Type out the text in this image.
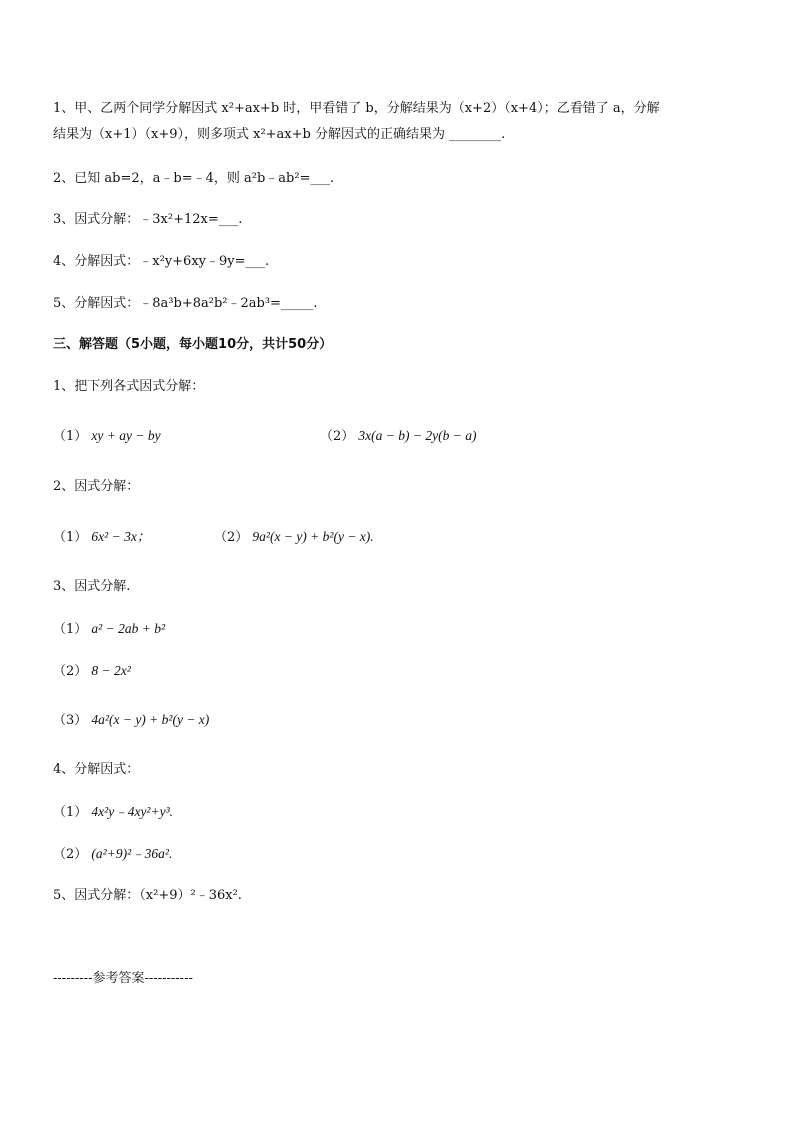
1、甲、乙两个同学分解因式 x²+ax+b 时，甲看错了 b，分解结果为（x+2）（x+4）；乙看错了 a，分解
结果为（x+1）（x+9），则多项式 x²+ax+b 分解因式的正确结果为 ________.
2、已知 ab=2，a﹣b=﹣4，则 a²b﹣ab²=___.
3、因式分解：﹣3x²+12x=___.
4、分解因式：﹣x²y+6xy﹣9y=___.
5、分解因式：﹣8a³b+8a²b²﹣2ab³=_____.
三、解答题（5小题，每小题10分，共计50分）
1、把下列各式因式分解：
（1） xy + ay − by	（2） 3x(a − b) − 2y(b − a)
2、因式分解：
（1） 6x² − 3x；	（2） 9a²(x − y) + b²(y − x).
3、因式分解.
（1） a² − 2ab + b²
（2） 8 − 2x²
（3） 4a²(x − y) + b²(y − x)
4、分解因式：
（1） 4x²y﹣4xy²+y³.
（2） (a²+9)²﹣36a².
5、因式分解：（x²+9）²﹣36x².
---------参考答案-----------
